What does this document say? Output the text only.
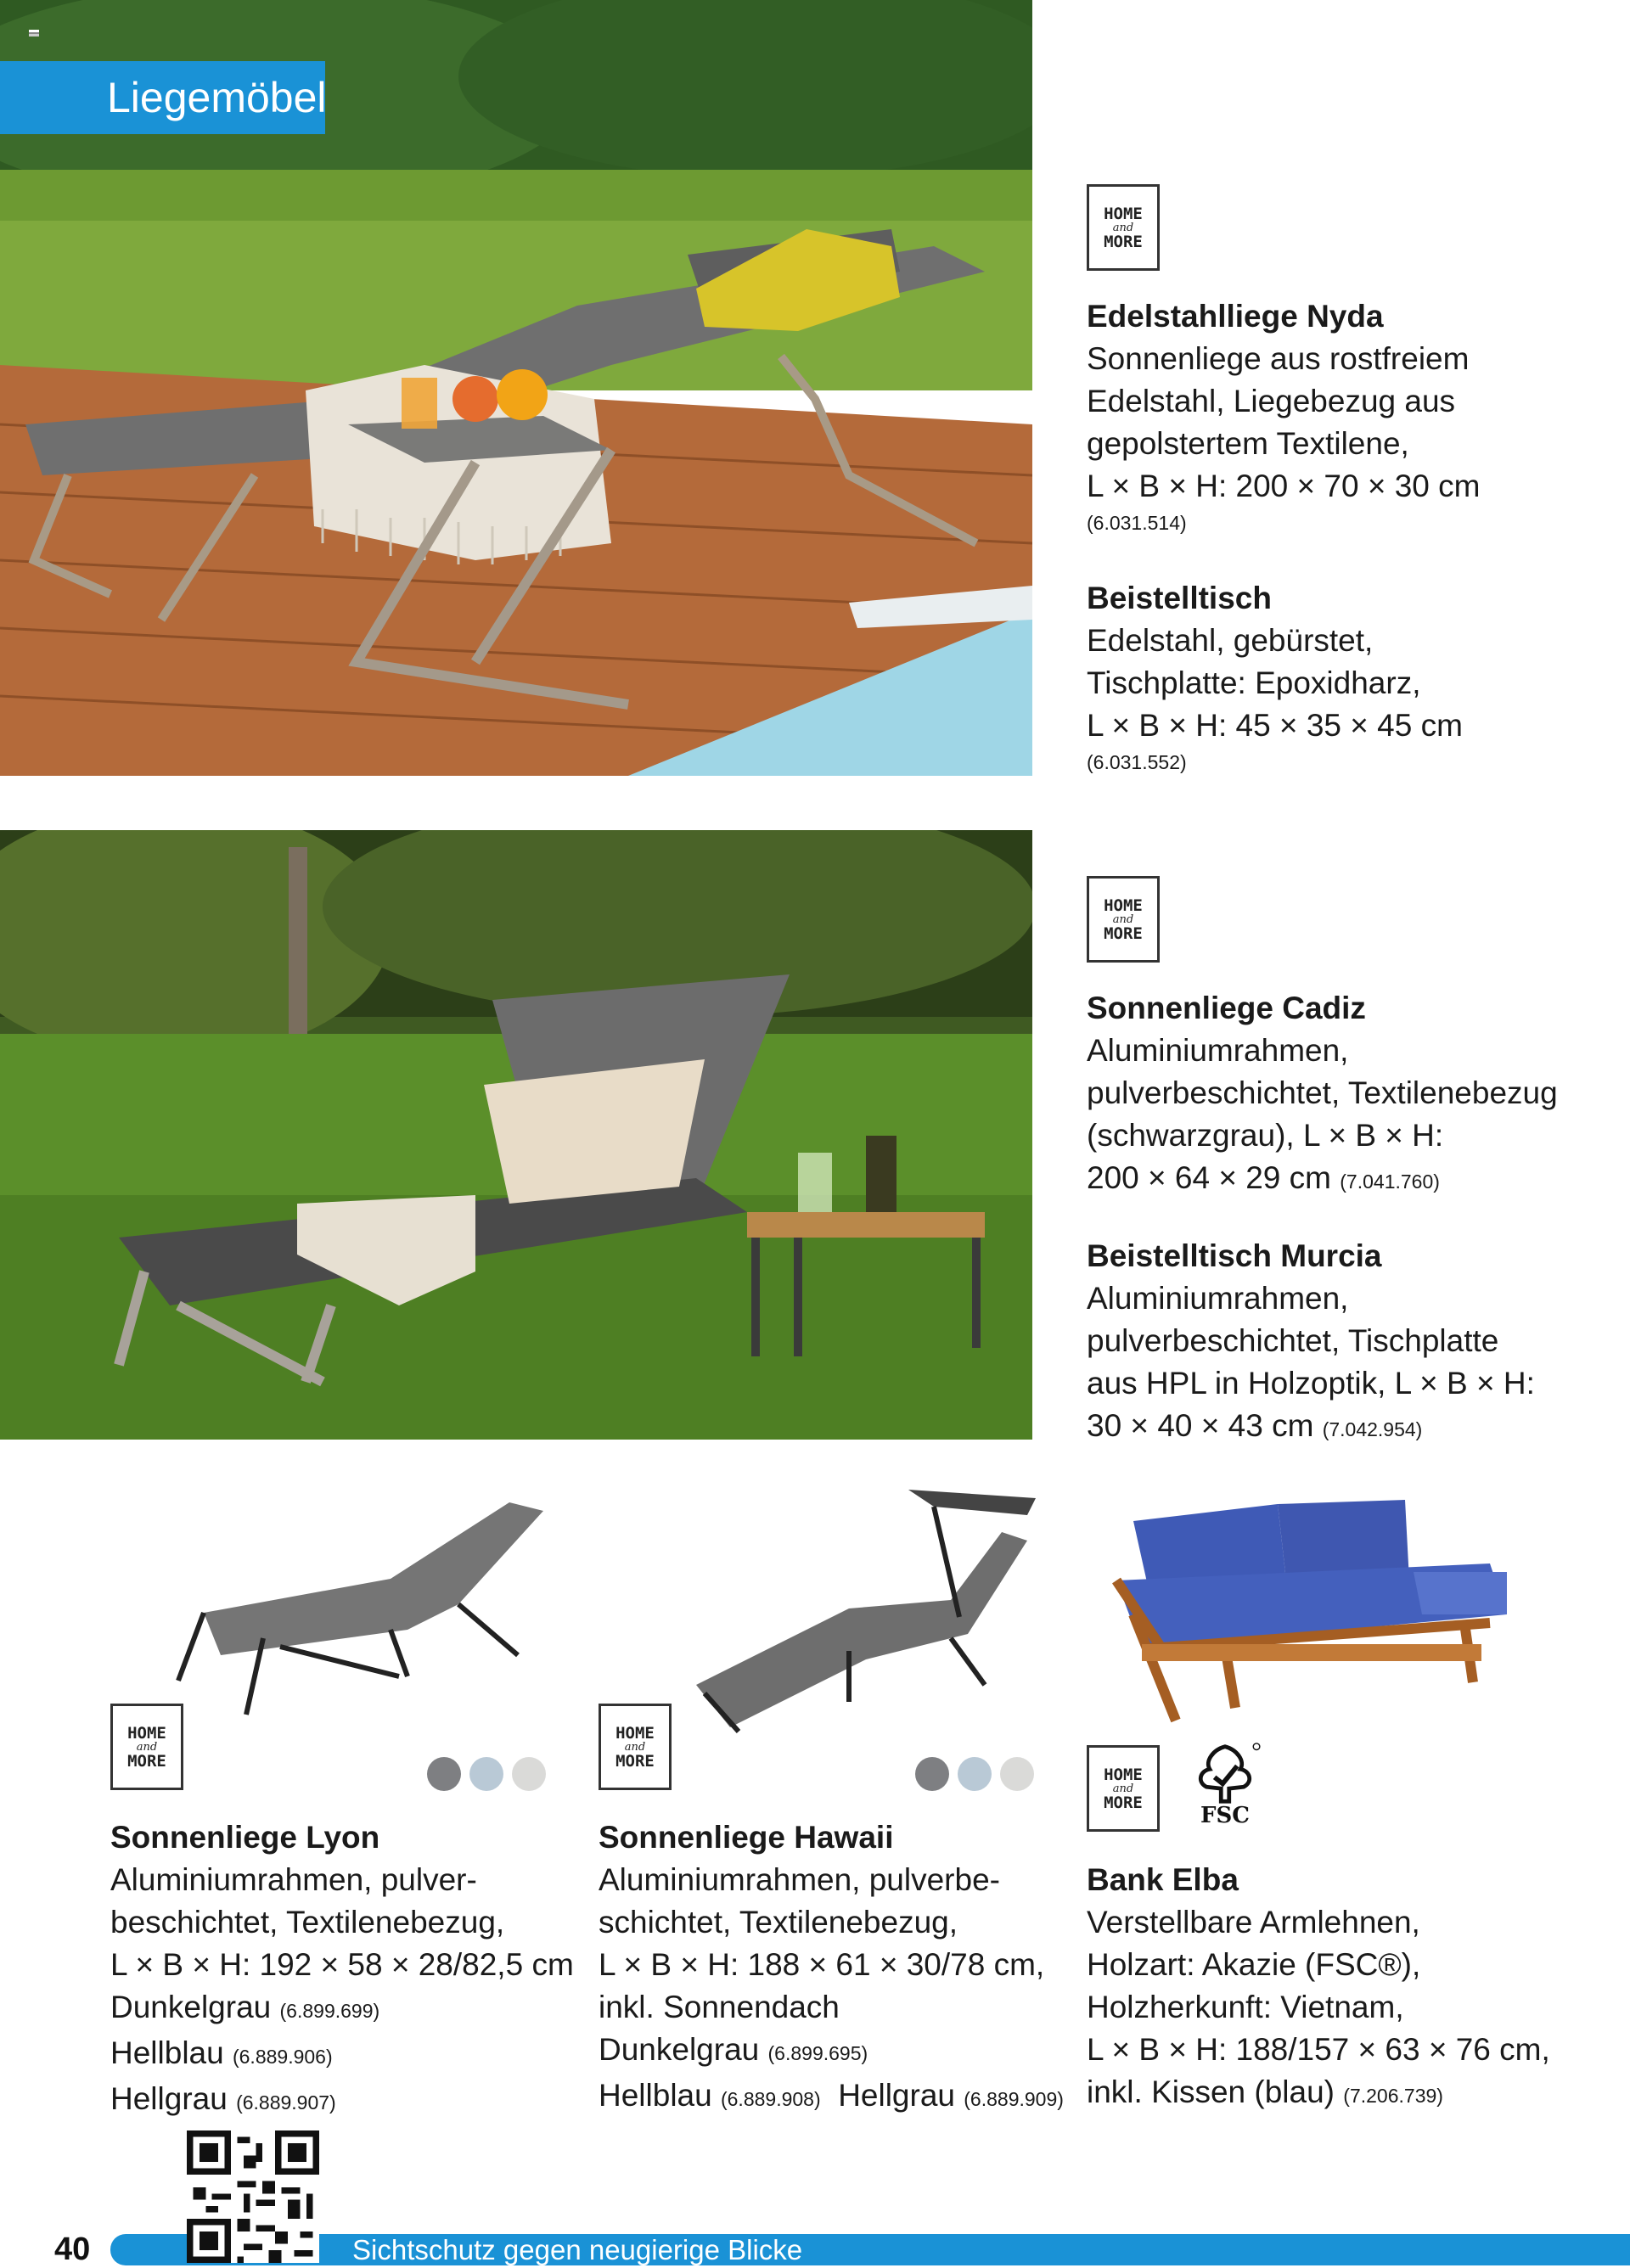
Liegemöbel
HOME
and
MORE
HOME
and
MORE
HOME
and
MORE
HOME
and
MORE
HOME
and
MORE
FSC
Edelstahlliege Nyda
Sonnenliege aus rostfreiem
Edelstahl, Liegebezug aus
gepolstertem Textilene,
L × B × H: 200 × 70 × 30 cm
(6.031.514)
Beistelltisch
Edelstahl, gebürstet,
Tischplatte: Epoxidharz,
L × B × H: 45 × 35 × 45 cm
(6.031.552)
Sonnenliege Cadiz
Aluminiumrahmen,
pulverbeschichtet, Textilenebezug
(schwarzgrau), L × B × H:
200 × 64 × 29 cm (7.041.760)
Beistelltisch Murcia
Aluminiumrahmen,
pulverbeschichtet, Tischplatte
aus HPL in Holzoptik, L × B × H:
30 × 40 × 43 cm (7.042.954)
Sonnenliege Lyon
Aluminiumrahmen, pulver-
beschichtet, Textilenebezug,
L × B × H: 192 × 58 × 28/82,5 cm
Dunkelgrau (6.899.699)
Hellblau (6.889.906)
Hellgrau (6.889.907)
Sonnenliege Hawaii
Aluminiumrahmen, pulverbe-
schichtet, Textilenebezug,
L × B × H: 188 × 61 × 30/78 cm,
inkl. Sonnendach
Dunkelgrau (6.899.695)
Hellblau (6.889.908) Hellgrau (6.889.909)
Bank Elba
Verstellbare Armlehnen,
Holzart: Akazie (FSC®),
Holzherkunft: Vietnam,
L × B × H: 188/157 × 63 × 76 cm,
inkl. Kissen (blau) (7.206.739)
40	Sichtschutz gegen neugierige Blicke
